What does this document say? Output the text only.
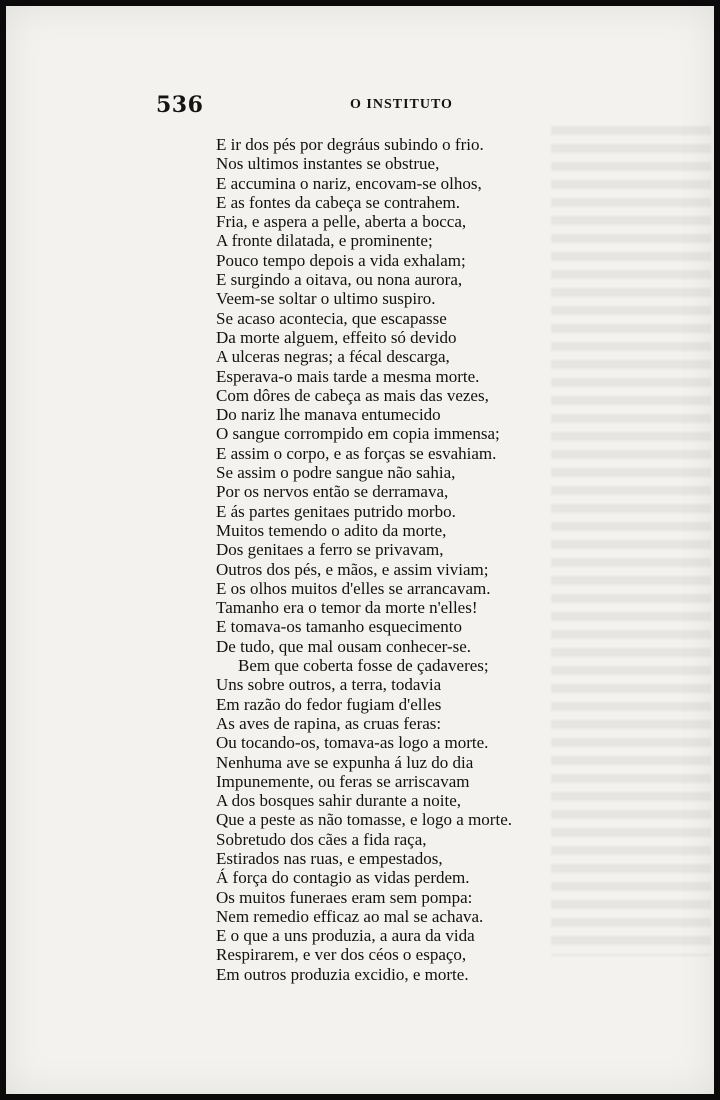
536	O INSTITUTO
E ir dos pés por degráus subindo o frio.
Nos ultimos instantes se obstrue,
E accumina o nariz, encovam-se olhos,
E as fontes da cabeça se contrahem.
Fria, e aspera a pelle, aberta a bocca,
A fronte dilatada, e prominente;
Pouco tempo depois a vida exhalam;
E surgindo a oitava, ou nona aurora,
Veem-se soltar o ultimo suspiro.
Se acaso acontecia, que escapasse
Da morte alguem, effeito só devido
A ulceras negras; a fécal descarga,
Esperava-o mais tarde a mesma morte.
Com dôres de cabeça as mais das vezes,
Do nariz lhe manava entumecido
O sangue corrompido em copia immensa;
E assim o corpo, e as forças se esvahiam.
Se assim o podre sangue não sahia,
Por os nervos então se derramava,
E ás partes genitaes putrido morbo.
Muitos temendo o adito da morte,
Dos genitaes a ferro se privavam,
Outros dos pés, e mãos, e assim viviam;
E os olhos muitos d'elles se arrancavam.
Tamanho era o temor da morte n'elles!
E tomava-os tamanho esquecimento
De tudo, que mal ousam conhecer-se.
Bem que coberta fosse de çadaveres;
Uns sobre outros, a terra, todavia
Em razão do fedor fugiam d'elles
As aves de rapina, as cruas feras:
Ou tocando-os, tomava-as logo a morte.
Nenhuma ave se expunha á luz do dia
Impunemente, ou feras se arriscavam
A dos bosques sahir durante a noite,
Que a peste as não tomasse, e logo a morte.
Sobretudo dos cães a fida raça,
Estirados nas ruas, e empestados,
Á força do contagio as vidas perdem.
Os muitos funeraes eram sem pompa:
Nem remedio efficaz ao mal se achava.
E o que a uns produzia, a aura da vida
Respirarem, e ver dos céos o espaço,
Em outros produzia excidio, e morte.
